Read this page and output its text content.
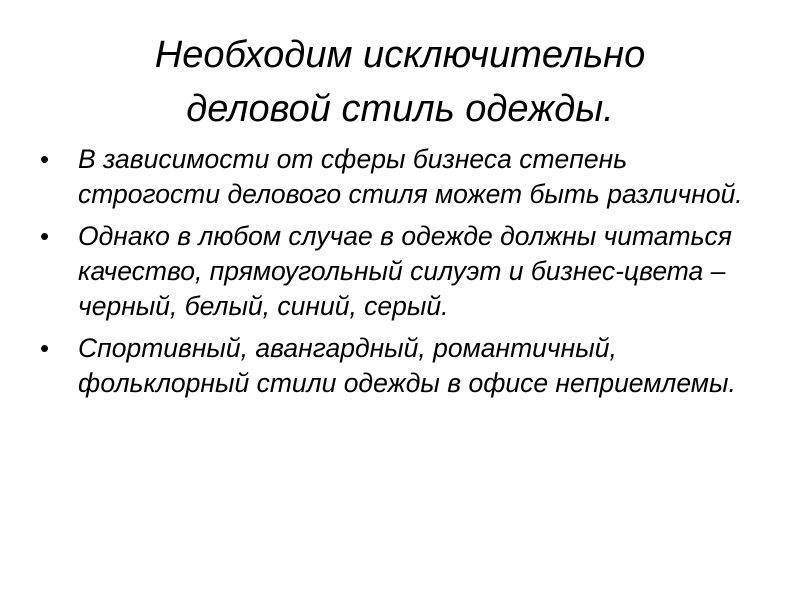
Необходим исключительно
деловой стиль одежды.
•	В зависимости от сферы бизнеса степень строгости делового стиля может быть различной.
•	Однако в любом случае в одежде должны читаться качество, прямоугольный силуэт и бизнес-цвета – черный, белый, синий, серый.
•	Спортивный, авангардный, романтичный, фольклорный стили одежды в офисе неприемлемы.
